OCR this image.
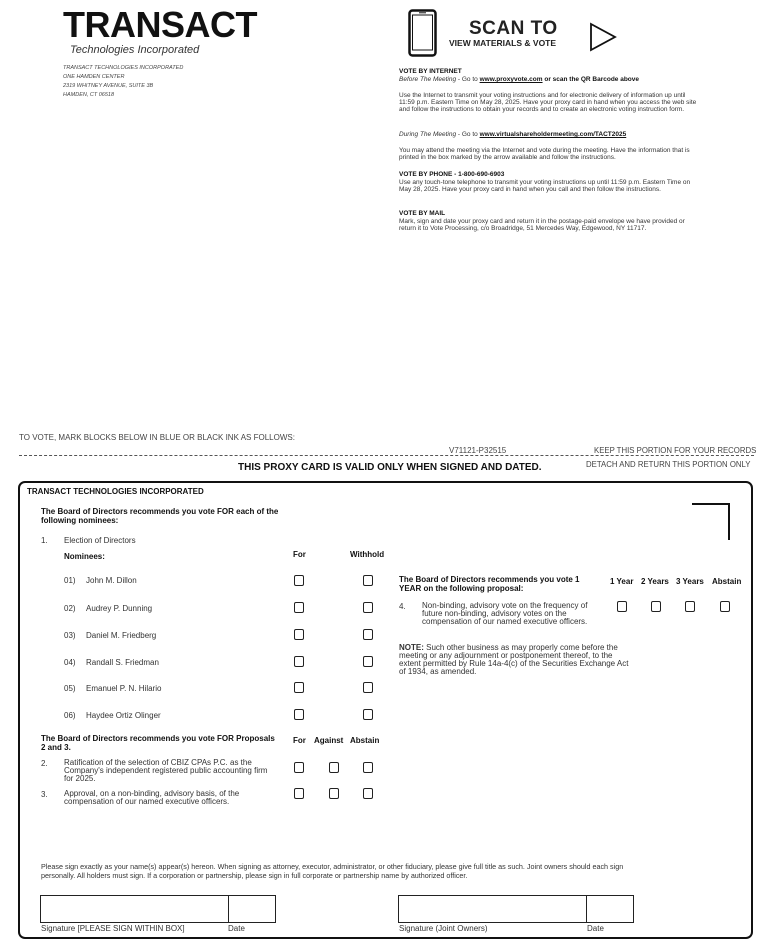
TRANSACT
Technologies Incorporated
TRANSACT TECHNOLOGIES INCORPORATED
ONE HAMDEN CENTER
2319 WHITNEY AVENUE, SUITE 3B
HAMDEN, CT 06518
SCAN TO
VIEW MATERIALS & VOTE
VOTE BY INTERNET
Before The Meeting - Go to www.proxyvote.com or scan the QR Barcode above
Use the Internet to transmit your voting instructions and for electronic delivery of information up until 11:59 p.m. Eastern Time on May 28, 2025. Have your proxy card in hand when you access the web site and follow the instructions to obtain your records and to create an electronic voting instruction form.
During The Meeting - Go to www.virtualshareholdermeeting.com/TACT2025
You may attend the meeting via the Internet and vote during the meeting. Have the information that is printed in the box marked by the arrow available and follow the instructions.
VOTE BY PHONE - 1-800-690-6903
Use any touch-tone telephone to transmit your voting instructions up until 11:59 p.m. Eastern Time on May 28, 2025. Have your proxy card in hand when you call and then follow the instructions.
VOTE BY MAIL
Mark, sign and date your proxy card and return it in the postage-paid envelope we have provided or return it to Vote Processing, c/o Broadridge, 51 Mercedes Way, Edgewood, NY 11717.
TO VOTE, MARK BLOCKS BELOW IN BLUE OR BLACK INK AS FOLLOWS:
V71121-P32515	KEEP THIS PORTION FOR YOUR RECORDS
THIS PROXY CARD IS VALID ONLY WHEN SIGNED AND DATED.	DETACH AND RETURN THIS PORTION ONLY
TRANSACT TECHNOLOGIES INCORPORATED
The Board of Directors recommends you vote FOR each of the following nominees:
1. Election of Directors
Nominees:	For	Withhold
01) John M. Dillon
02) Audrey P. Dunning
03) Daniel M. Friedberg
04) Randall S. Friedman
05) Emanuel P. N. Hilario
06) Haydee Ortiz Olinger
The Board of Directors recommends you vote FOR Proposals 2 and 3.
For Against Abstain
2. Ratification of the selection of CBIZ CPAs P.C. as the Company's independent registered public accounting firm for 2025.
3. Approval, on a non-binding, advisory basis, of the compensation of our named executive officers.
The Board of Directors recommends you vote 1 YEAR on the following proposal:
1 Year 2 Years 3 Years Abstain
4. Non-binding, advisory vote on the frequency of future non-binding, advisory votes on the compensation of our named executive officers.
NOTE: Such other business as may properly come before the meeting or any adjournment or postponement thereof, to the extent permitted by Rule 14a-4(c) of the Securities Exchange Act of 1934, as amended.
Please sign exactly as your name(s) appear(s) hereon. When signing as attorney, executor, administrator, or other fiduciary, please give full title as such. Joint owners should each sign personally. All holders must sign. If a corporation or partnership, please sign in full corporate or partnership name by authorized officer.
Signature [PLEASE SIGN WITHIN BOX]	Date	Signature (Joint Owners)	Date
